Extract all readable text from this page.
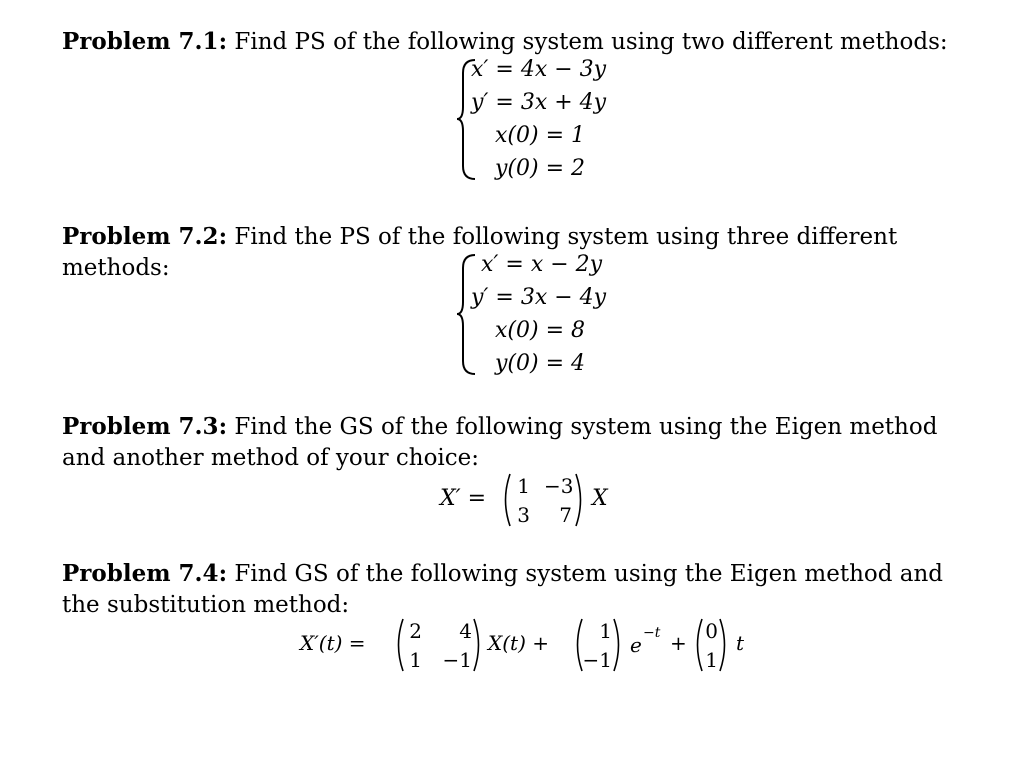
Problem 7.1: Find PS of the following system using two different methods:
x′ = 4x − 3y
y′ = 3x + 4y
x(0) = 1
y(0) = 2
Problem 7.2: Find the PS of the following system using three different methods:	x′ = x − 2y
y′ = 3x − 4y
x(0) = 8
y(0) = 4
Problem 7.3: Find the GS of the following system using the Eigen method and another method of your choice:
X′ =	1 −3
3	7
X
Problem 7.4: Find GS of the following system using the Eigen method and the substitution method:
X′(t) =	2	4
1	−1
X(t) +	1
−1
e −t + 0
1
t
